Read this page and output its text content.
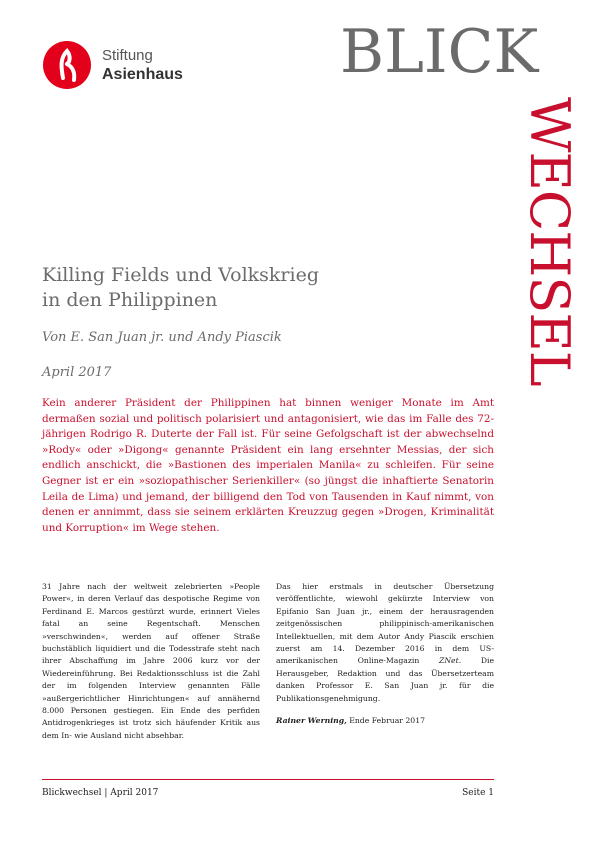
Stiftung
Asienhaus	BLICK
WECHSEL
Killing Fields und Volkskrieg
in den Philippinen

Von E. San Juan jr. und Andy Piascik

April 2017

Kein anderer Präsident der Philippinen hat binnen weniger Monate im Amt dermaßen sozial und politisch polarisiert und antagonisiert, wie das im Falle des 72-jährigen Rodrigo R. Duterte der Fall ist. Für seine Gefolgschaft ist der abwechselnd »Rody« oder »Digong« genannte Präsident ein lang ersehnter Messias, der sich endlich anschickt, die »Bastionen des imperialen Manila« zu schleifen. Für seine Gegner ist er ein »soziopathischer Serienkiller« (so jüngst die inhaftierte Senatorin Leila de Lima) und jemand, der billigend den Tod von Tausenden in Kauf nimmt, von denen er annimmt, dass sie seinem erklärten Kreuzzug gegen »Drogen, Kriminalität und Korruption« im Wege stehen.

31 Jahre nach der weltweit zelebrierten »People Power«, in deren Verlauf das despotische Regime von Ferdinand E. Marcos gestürzt wurde, erinnert Vieles fatal an seine Regentschaft. Menschen »verschwinden«, werden auf offener Straße buchstäblich liquidiert und die Todesstrafe steht nach ihrer Abschaffung im Jahre 2006 kurz vor der Wiedereinführung. Bei Redaktionsschluss ist die Zahl der im folgenden Interview genannten Fälle »außergerichtlicher Hinrichtungen« auf annähernd 8.000 Personen gestiegen. Ein Ende des perfiden Antidrogenkrieges ist trotz sich häufender Kritik aus dem In- wie Ausland nicht absehbar.

Das hier erstmals in deutscher Übersetzung veröffentlichte, wiewohl gekürzte Interview von Epifanio San Juan jr., einem der herausragenden zeitgenössischen philippinisch-amerikanischen Intellektuellen, mit dem Autor Andy Piascik erschien zuerst am 14. Dezember 2016 in dem US-amerikanischen Online-Magazin ZNet. Die Herausgeber, Redaktion und das Übersetzerteam danken Professor E. San Juan jr. für die Publikationsgenehmigung.

Rainer Werning, Ende Februar 2017

Blickwechsel | April 2017	Seite 1
